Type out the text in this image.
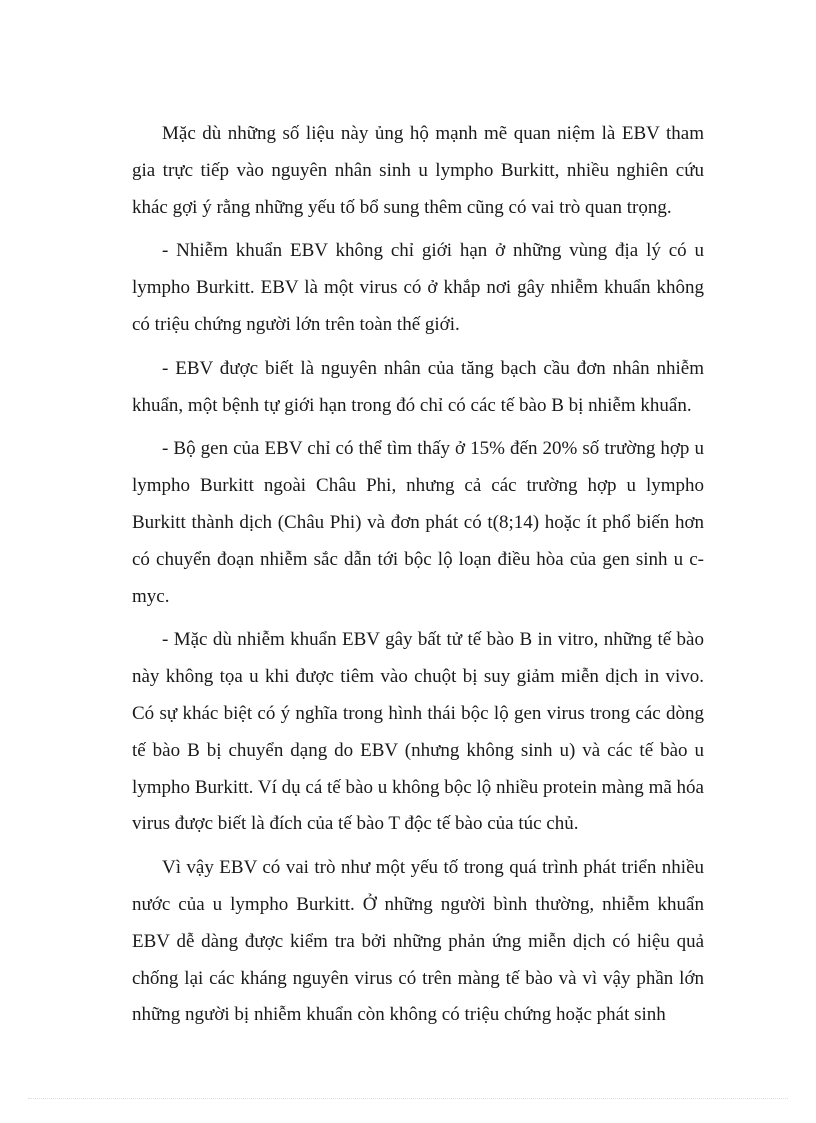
Mặc dù những số liệu này ủng hộ mạnh mẽ quan niệm là EBV tham gia trực tiếp vào nguyên nhân sinh u lympho Burkitt, nhiều nghiên cứu khác gợi ý rằng những yếu tố bổ sung thêm cũng có vai trò quan trọng.

- Nhiễm khuẩn EBV không chỉ giới hạn ở những vùng địa lý có u lympho Burkitt. EBV là một virus có ở khắp nơi gây nhiễm khuẩn không có triệu chứng người lớn trên toàn thế giới.

- EBV được biết là nguyên nhân của tăng bạch cầu đơn nhân nhiễm khuẩn, một bệnh tự giới hạn trong đó chỉ có các tế bào B bị nhiễm khuẩn.

- Bộ gen của EBV chỉ có thể tìm thấy ở 15% đến 20% số trường hợp u lympho Burkitt ngoài Châu Phi, nhưng cả các trường hợp u lympho Burkitt thành dịch (Châu Phi) và đơn phát có t(8;14) hoặc ít phổ biến hơn có chuyển đoạn nhiễm sắc dẫn tới bộc lộ loạn điều hòa của gen sinh u c-myc.

- Mặc dù nhiễm khuẩn EBV gây bất tử tế bào B in vitro, những tế bào này không tọa u khi được tiêm vào chuột bị suy giảm miễn dịch in vivo. Có sự khác biệt có ý nghĩa trong hình thái bộc lộ gen virus trong các dòng tế bào B bị chuyển dạng do EBV (nhưng không sinh u) và các tế bào u lympho Burkitt. Ví dụ cá tế bào u không bộc lộ nhiều protein màng mã hóa virus được biết là đích của tế bào T độc tế bào của túc chủ.

Vì vậy EBV có vai trò như một yếu tố trong quá trình phát triển nhiều nước của u lympho Burkitt. Ở những người bình thường, nhiễm khuẩn EBV dễ dàng được kiểm tra bởi những phản ứng miễn dịch có hiệu quả chống lại các kháng nguyên virus có trên màng tế bào và vì vậy phần lớn những người bị nhiễm khuẩn còn không có triệu chứng hoặc phát sinh
